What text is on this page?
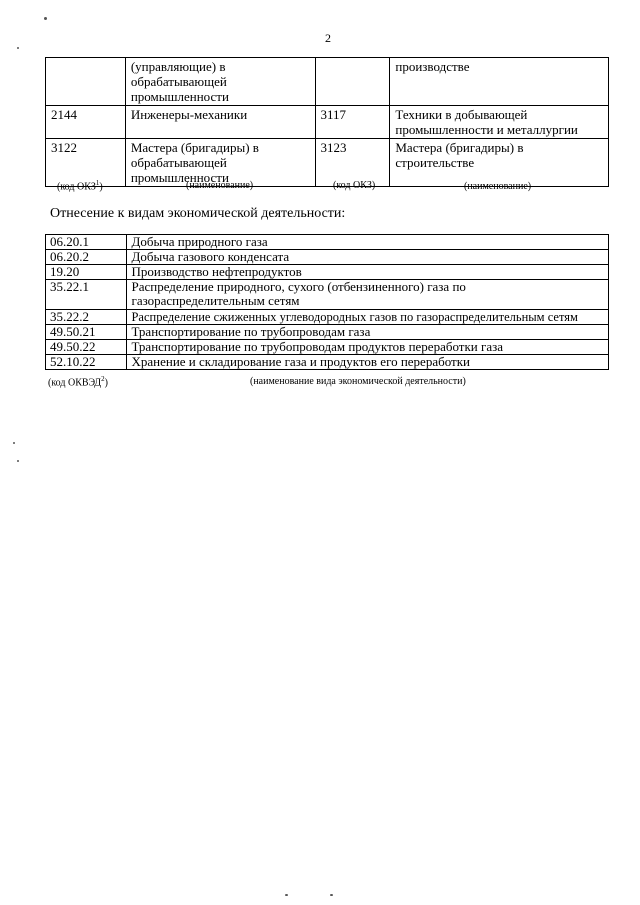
2
	(управляющие) в обрабатывающей промышленности		производстве
2144	Инженеры-механики	3117	Техники в добывающей промышленности и металлургии
3122	Мастера (бригадиры) в обрабатывающей промышленности	3123	Мастера (бригадиры) в строительстве
(код ОКЗ$^1$)	(наименование)	(код ОКЗ)	(наименование)
Отнесение к видам экономической деятельности:
06.20.1	Добыча природного газа
06.20.2	Добыча газового конденсата
19.20	Производство нефтепродуктов
35.22.1	Распределение природного, сухого (отбензиненного) газа по газораспределительным сетям
35.22.2	Распределение сжиженных углеводородных газов по газораспределительным сетям
49.50.21	Транспортирование по трубопроводам газа
49.50.22	Транспортирование по трубопроводам продуктов переработки газа
52.10.22	Хранение и складирование газа и продуктов его переработки
(код ОКВЭД$^2$)	(наименование вида экономической деятельности)
